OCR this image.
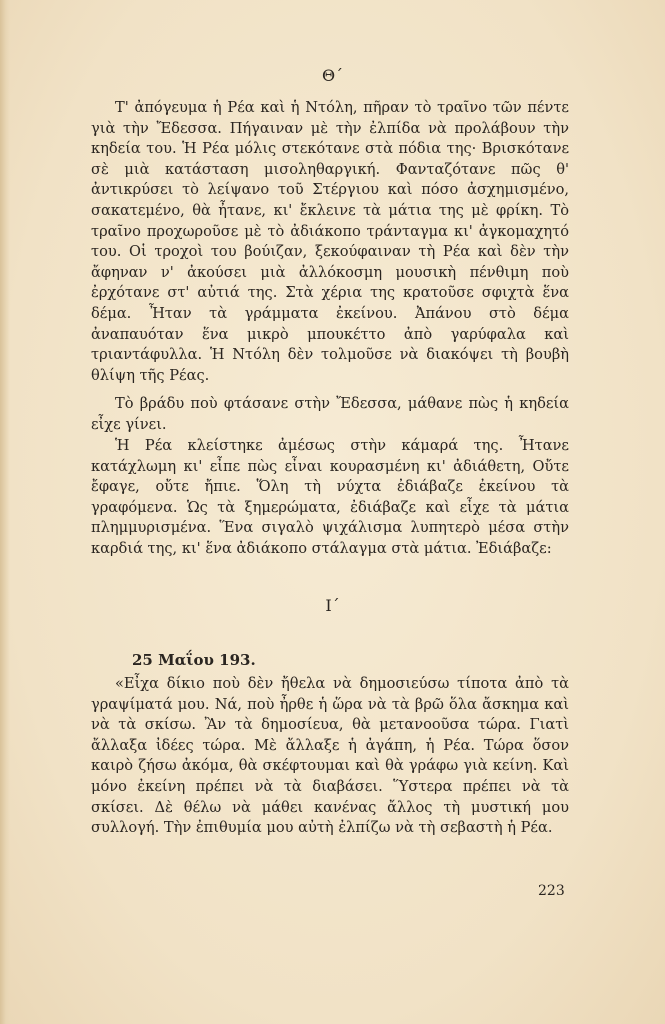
Θ΄

Τ' ἀπόγευμα ἡ Ρέα καὶ ἡ Ντόλη, πῆραν τὸ τραῖνο τῶν πέντε γιὰ τὴν Ἔδεσσα. Πήγαιναν μὲ τὴν ἐλπίδα νὰ προλάβουν τὴν κηδεία του. Ἡ Ρέα μόλις στεκότανε στὰ πόδια της· Βρισκότανε σὲ μιὰ κατάσταση μισοληθαργική. Φανταζότανε πῶς θ' ἀντικρύσει τὸ λείψανο τοῦ Στέργιου καὶ πόσο ἀσχημισμένο, σακατεμένο, θὰ ἦτανε, κι' ἔκλεινε τὰ μάτια της μὲ φρίκη. Τὸ τραῖνο προχωροῦσε μὲ τὸ ἀδιάκοπο τράνταγμα κι' ἀγκομαχητό του. Οἱ τροχοὶ του βούιζαν, ξεκούφαιναν τὴ Ρέα καὶ δὲν τὴν ἄφηναν ν' ἀκούσει μιὰ ἀλλόκοσμη μουσικὴ πένθιμη ποὺ ἐρχότανε στ' αὐτιά της. Στὰ χέρια της κρατοῦσε σφιχτὰ ἕνα δέμα. Ἦταν τὰ γράμματα ἐκείνου. Ἀπάνου στὸ δέμα ἀναπαυόταν ἕνα μικρὸ μπουκέττο ἀπὸ γαρύφαλα καὶ τριαντάφυλλα. Ἡ Ντόλη δὲν τολμοῦσε νὰ διακόψει τὴ βουβὴ θλίψη τῆς Ρέας.

Τὸ βράδυ ποὺ φτάσανε στὴν Ἔδεσσα, μάθανε πὼς ἡ κηδεία εἶχε γίνει.

Ἡ Ρέα κλείστηκε ἀμέσως στὴν κάμαρά της. Ἦτανε κατάχλωμη κι' εἶπε πὼς εἶναι κουρασμένη κι' ἀδιάθετη, Οὔτε ἔφαγε, οὔτε ἤπιε. Ὅλη τὴ νύχτα ἐδιάβαζε ἐκείνου τὰ γραφόμενα. Ὡς τὰ ξημερώματα, ἐδιάβαζε καὶ εἶχε τὰ μάτια πλημμυρισμένα. Ἕνα σιγαλὸ ψιχάλισμα λυπητερὸ μέσα στὴν καρδιά της, κι' ἕνα ἀδιάκοπο στάλαγμα στὰ μάτια. Ἐδιάβαζε:

Ι΄
25 Μαΐου 193.

«Εἶχα δίκιο ποὺ δὲν ἤθελα νὰ δημοσιεύσω τίποτα ἀπὸ τὰ γραψίματά μου. Νά, ποὺ ἦρθε ἡ ὥρα νὰ τὰ βρῶ ὅλα ἄσκημα καὶ νὰ τὰ σκίσω. Ἂν τὰ δημοσίευα, θὰ μετανοοῦσα τώρα. Γιατὶ ἄλλαξα ἰδέες τώρα. Μὲ ἄλλαξε ἡ ἀγάπη, ἡ Ρέα. Τώρα ὅσον καιρὸ ζήσω ἀκόμα, θὰ σκέφτουμαι καὶ θὰ γράφω γιὰ κείνη. Καὶ μόνο ἐκείνη πρέπει νὰ τὰ διαβάσει. Ὕστερα πρέπει νὰ τὰ σκίσει. Δὲ θέλω νὰ μάθει κανένας ἄλλος τὴ μυστική μου συλλογή. Τὴν ἐπιθυμία μου αὐτὴ ἐλπίζω νὰ τὴ σεβαστὴ ἡ Ρέα.

223
